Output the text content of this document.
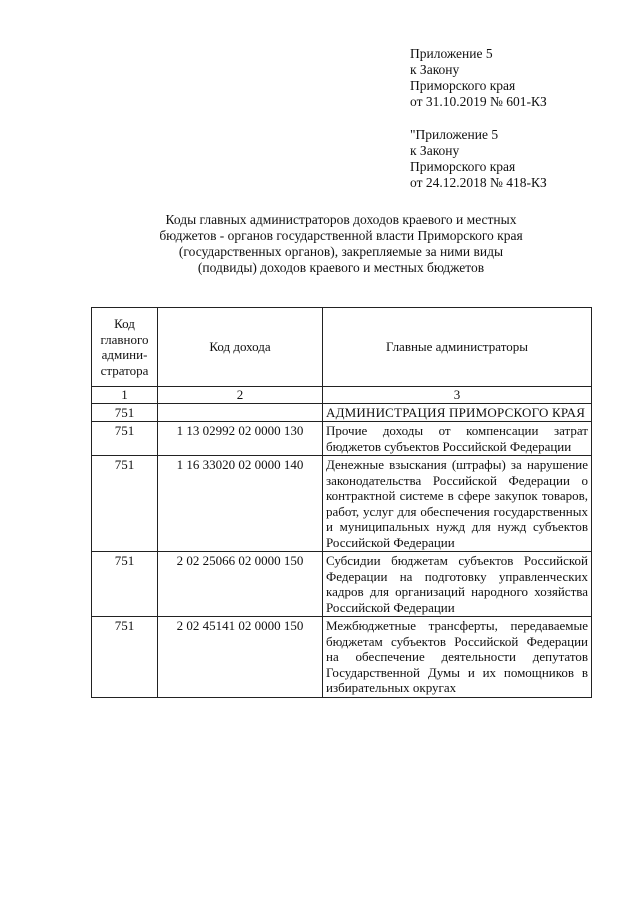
Приложение 5
к Закону
Приморского края
от 31.10.2019 № 601-КЗ
"Приложение 5
к Закону
Приморского края
от 24.12.2018 № 418-КЗ
Коды главных администраторов доходов краевого и местных
бюджетов - органов государственной власти Приморского края
(государственных органов), закрепляемые за ними виды
(подвиды) доходов краевого и местных бюджетов
Код
главного
админи-
стратора	Код дохода	Главные администраторы
1	2	3
751		АДМИНИСТРАЦИЯ ПРИМОРСКОГО КРАЯ
751	1 13 02992 02 0000 130	Прочие доходы от компенсации затрат бюджетов субъектов Российской Федерации
751	1 16 33020 02 0000 140	Денежные взыскания (штрафы) за нарушение законодательства Российской Федерации о контрактной системе в сфере закупок товаров, работ, услуг для обеспечения государственных и муниципальных нужд для нужд субъектов Российской Федерации
751	2 02 25066 02 0000 150	Субсидии бюджетам субъектов Российской Федерации на подготовку управленческих кадров для организаций народного хозяйства Российской Федерации
751	2 02 45141 02 0000 150	Межбюджетные трансферты, передаваемые бюджетам субъектов Российской Федерации на обеспечение деятельности депутатов Государственной Думы и их помощников в избирательных округах
